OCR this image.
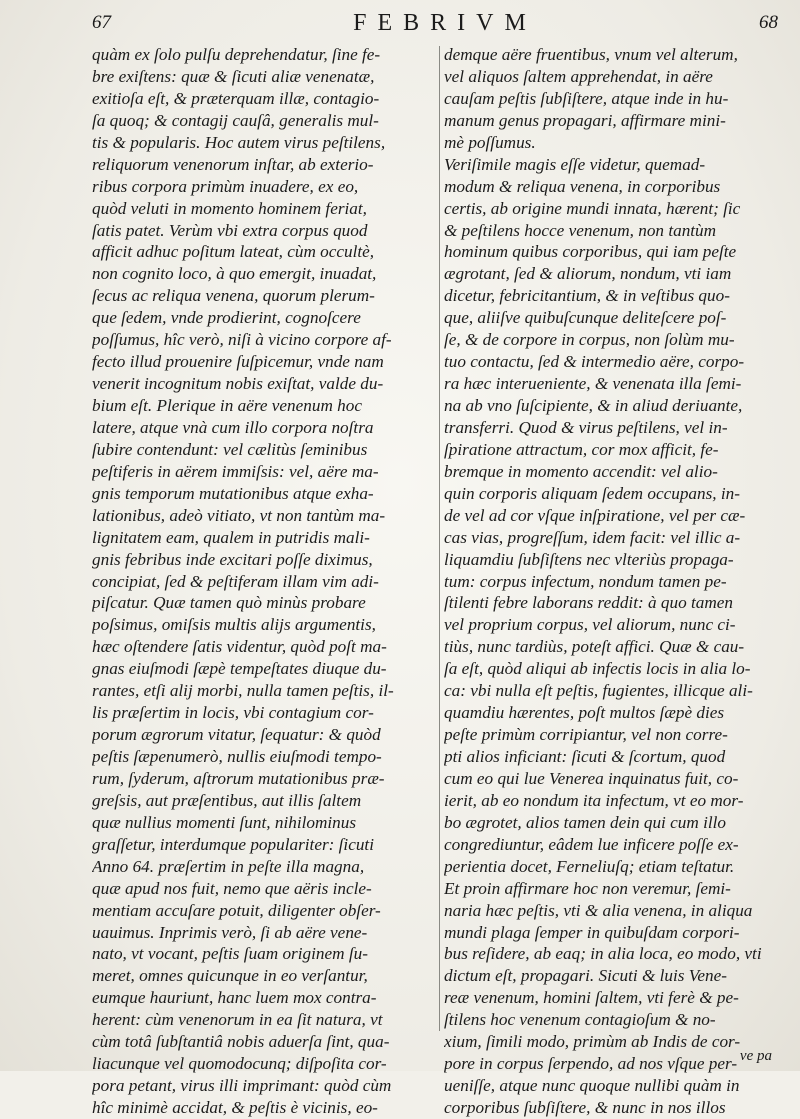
67	FEBRIVM	68
quàm ex ſolo pulſu deprehendatur, ſine fe-
bre exiſtens: quæ & ſicuti aliæ venenatæ,
exitioſa eſt, & præterquam illæ, contagio-
ſa quoq; & contagij cauſâ, generalis mul-
tis & popularis. Hoc autem virus peſtilens,
reliquorum venenorum inſtar, ab exterio-
ribus corpora primùm inuadere, ex eo,
quòd veluti in momento hominem feriat,
ſatis patet. Verùm vbi extra corpus quod
afficit adhuc poſitum lateat, cùm occultè,
non cognito loco, à quo emergit, inuadat,
ſecus ac reliqua venena, quorum plerum-
que ſedem, vnde prodierint, cognoſcere
poſſumus, hîc verò, niſi à vicino corpore af-
fecto illud prouenire ſuſpicemur, vnde nam
venerit incognitum nobis exiſtat, valde du-
bium eſt. Plerique in aëre venenum hoc
latere, atque vnà cum illo corpora noſtra
ſubire contendunt: vel cælitùs ſeminibus
peſtiferis in aërem immiſsis: vel, aëre ma-
gnis temporum mutationibus atque exha-
lationibus, adeò vitiato, vt non tantùm ma-
lignitatem eam, qualem in putridis mali-
gnis febribus inde excitari poſſe diximus,
concipiat, ſed & peſtiferam illam vim adi-
piſcatur. Quæ tamen quò minùs probare
poſsimus, omiſsis multis alijs argumentis,
hæc oſtendere ſatis videntur, quòd poſt ma-
gnas eiuſmodi ſæpè tempeſtates diuque du-
rantes, etſi alij morbi, nulla tamen peſtis, il-
lis præſertim in locis, vbi contagium cor-
porum ægrorum vitatur, ſequatur: & quòd
peſtis ſæpenumerò, nullis eiuſmodi tempo-
rum, ſyderum, aſtrorum mutationibus præ-
greſsis, aut præſentibus, aut illis ſaltem
quæ nullius momenti ſunt, nihilominus
graſſetur, interdumque populariter: ſicuti
Anno 64. præſertim in peſte illa magna,
quæ apud nos fuit, nemo que aëris incle-
mentiam accuſare potuit, diligenter obſer-
uauimus. Inprimis verò, ſi ab aëre vene-
nato, vt vocant, peſtis ſuam originem ſu-
meret, omnes quicunque in eo verſantur,
eumque hauriunt, hanc luem mox contra-
herent: cùm venenorum in ea ſit natura, vt
cùm totâ ſubſtantiâ nobis aduerſa ſint, qua-
liacunque vel quomodocunq; diſpoſita cor-
pora petant, virus illi imprimant: quòd cùm
hîc minimè accidat, & peſtis è vicinis, eo-
demque aëre fruentibus, vnum vel alterum,
vel aliquos ſaltem apprehendat, in aëre
cauſam peſtis ſubſiſtere, atque inde in hu-
manum genus propagari, affirmare mini-
mè poſſumus.
Veriſimile magis eſſe videtur, quemad-
modum & reliqua venena, in corporibus
certis, ab origine mundi innata, hærent; ſic
& peſtilens hocce venenum, non tantùm
hominum quibus corporibus, qui iam peſte
ægrotant, ſed & aliorum, nondum, vti iam
dicetur, febricitantium, & in veſtibus quo-
que, aliiſve quibuſcunque deliteſcere poſ-
ſe, & de corpore in corpus, non ſolùm mu-
tuo contactu, ſed & intermedio aëre, corpo-
ra hæc interueniente, & venenata illa ſemi-
na ab vno ſuſcipiente, & in aliud deriuante,
transferri. Quod & virus peſtilens, vel in-
ſpiratione attractum, cor mox afficit, fe-
bremque in momento accendit: vel alio-
quin corporis aliquam ſedem occupans, in-
de vel ad cor vſque inſpiratione, vel per cæ-
cas vias, progreſſum, idem facit: vel illic a-
liquamdiu ſubſiſtens nec vlteriùs propaga-
tum: corpus infectum, nondum tamen pe-
ſtilenti febre laborans reddit: à quo tamen
vel proprium corpus, vel aliorum, nunc ci-
tiùs, nunc tardiùs, poteſt affici. Quæ & cau-
ſa eſt, quòd aliqui ab infectis locis in alia lo-
ca: vbi nulla eſt peſtis, fugientes, illicque ali-
quamdiu hærentes, poſt multos ſæpè dies
peſte primùm corripiantur, vel non corre-
pti alios inficiant: ſicuti & ſcortum, quod
cum eo qui lue Venerea inquinatus fuit, co-
ierit, ab eo nondum ita infectum, vt eo mor-
bo ægrotet, alios tamen dein qui cum illo
congrediuntur, eâdem lue inficere poſſe ex-
perientia docet, Ferneliuſq; etiam teſtatur.
Et proin affirmare hoc non veremur, ſemi-
naria hæc peſtis, vti & alia venena, in aliqua
mundi plaga ſemper in quibuſdam corpori-
bus reſidere, ab eaq; in alia loca, eo modo, vti
dictum eſt, propagari. Sicuti & luis Vene-
reæ venenum, homini ſaltem, vti ferè & pe-
ſtilens hoc venenum contagioſum & no-
xium, ſimili modo, primùm ab Indis de cor-
pore in corpus ſerpendo, ad nos vſque per-
ueniſſe, atque nunc quoque nullibi quàm in
corporibus ſubſiſtere, & nunc in nos illos
ve pa
